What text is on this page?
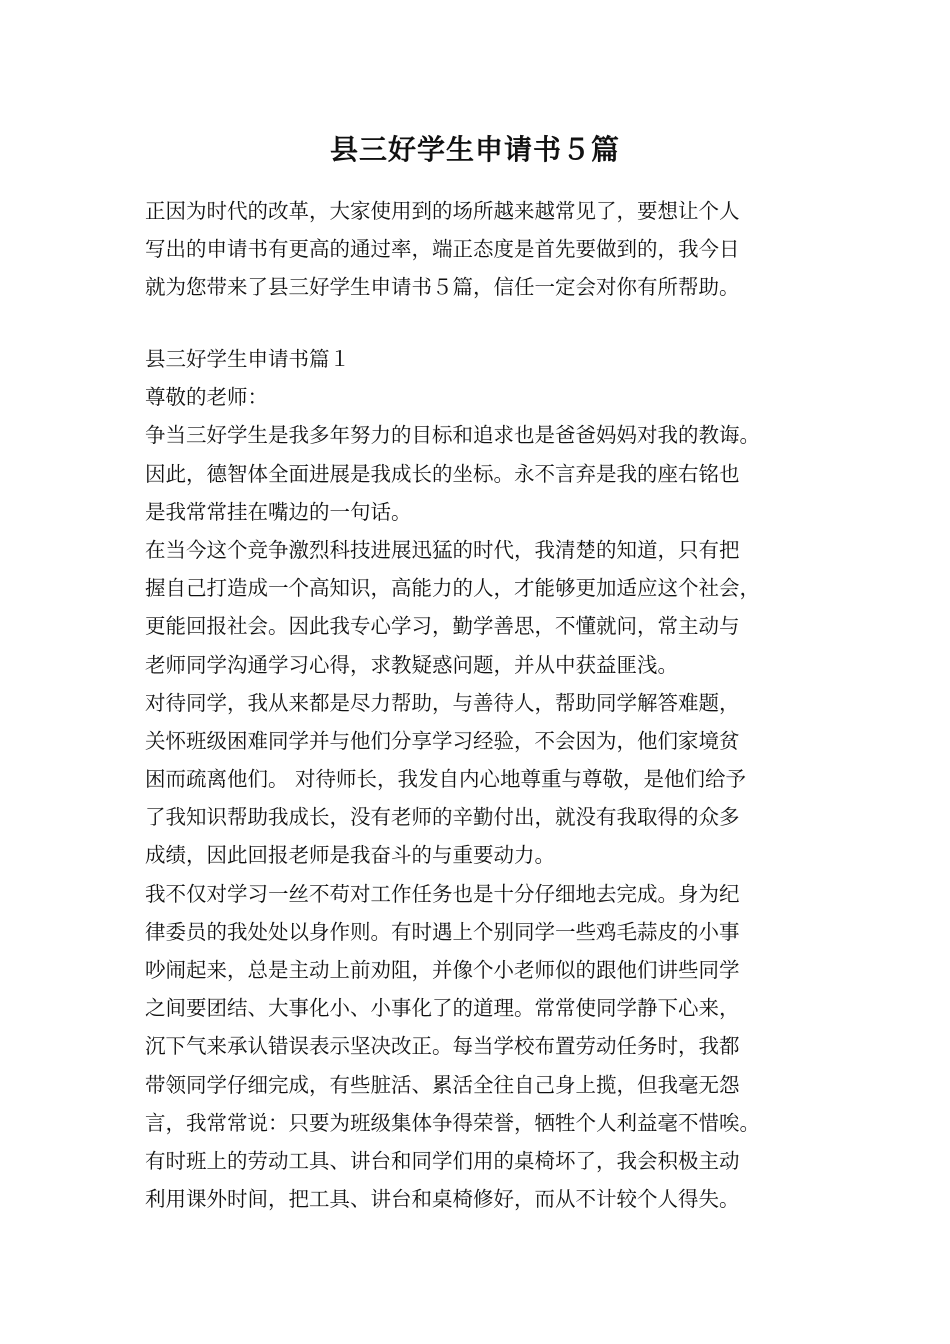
县三好学生申请书５篇
正因为时代的改革，大家使用到的场所越来越常见了，要想让个人
写出的申请书有更高的通过率，端正态度是首先要做到的，我今日
就为您带来了县三好学生申请书５篇，信任一定会对你有所帮助。
县三好学生申请书篇１
尊敬的老师：
争当三好学生是我多年努力的目标和追求也是爸爸妈妈对我的教诲。
因此，德智体全面进展是我成长的坐标。永不言弃是我的座右铭也
是我常常挂在嘴边的一句话。
在当今这个竞争激烈科技进展迅猛的时代，我清楚的知道，只有把
握自己打造成一个高知识，高能力的人，才能够更加适应这个社会，
更能回报社会。因此我专心学习，勤学善思，不懂就问，常主动与
老师同学沟通学习心得，求教疑惑问题，并从中获益匪浅。
对待同学，我从来都是尽力帮助，与善待人，帮助同学解答难题，
关怀班级困难同学并与他们分享学习经验，不会因为，他们家境贫
困而疏离他们。 对待师长，我发自内心地尊重与尊敬，是他们给予
了我知识帮助我成长，没有老师的辛勤付出，就没有我取得的众多
成绩，因此回报老师是我奋斗的与重要动力。
我不仅对学习一丝不苟对工作任务也是十分仔细地去完成。身为纪
律委员的我处处以身作则。有时遇上个别同学一些鸡毛蒜皮的小事
吵闹起来，总是主动上前劝阻，并像个小老师似的跟他们讲些同学
之间要团结、大事化小、小事化了的道理。常常使同学静下心来，
沉下气来承认错误表示坚决改正。每当学校布置劳动任务时，我都
带领同学仔细完成，有些脏活、累活全往自己身上揽，但我毫无怨
言，我常常说：只要为班级集体争得荣誉，牺牲个人利益毫不惜唉。
有时班上的劳动工具、讲台和同学们用的桌椅坏了，我会积极主动
利用课外时间，把工具、讲台和桌椅修好，而从不计较个人得失。
